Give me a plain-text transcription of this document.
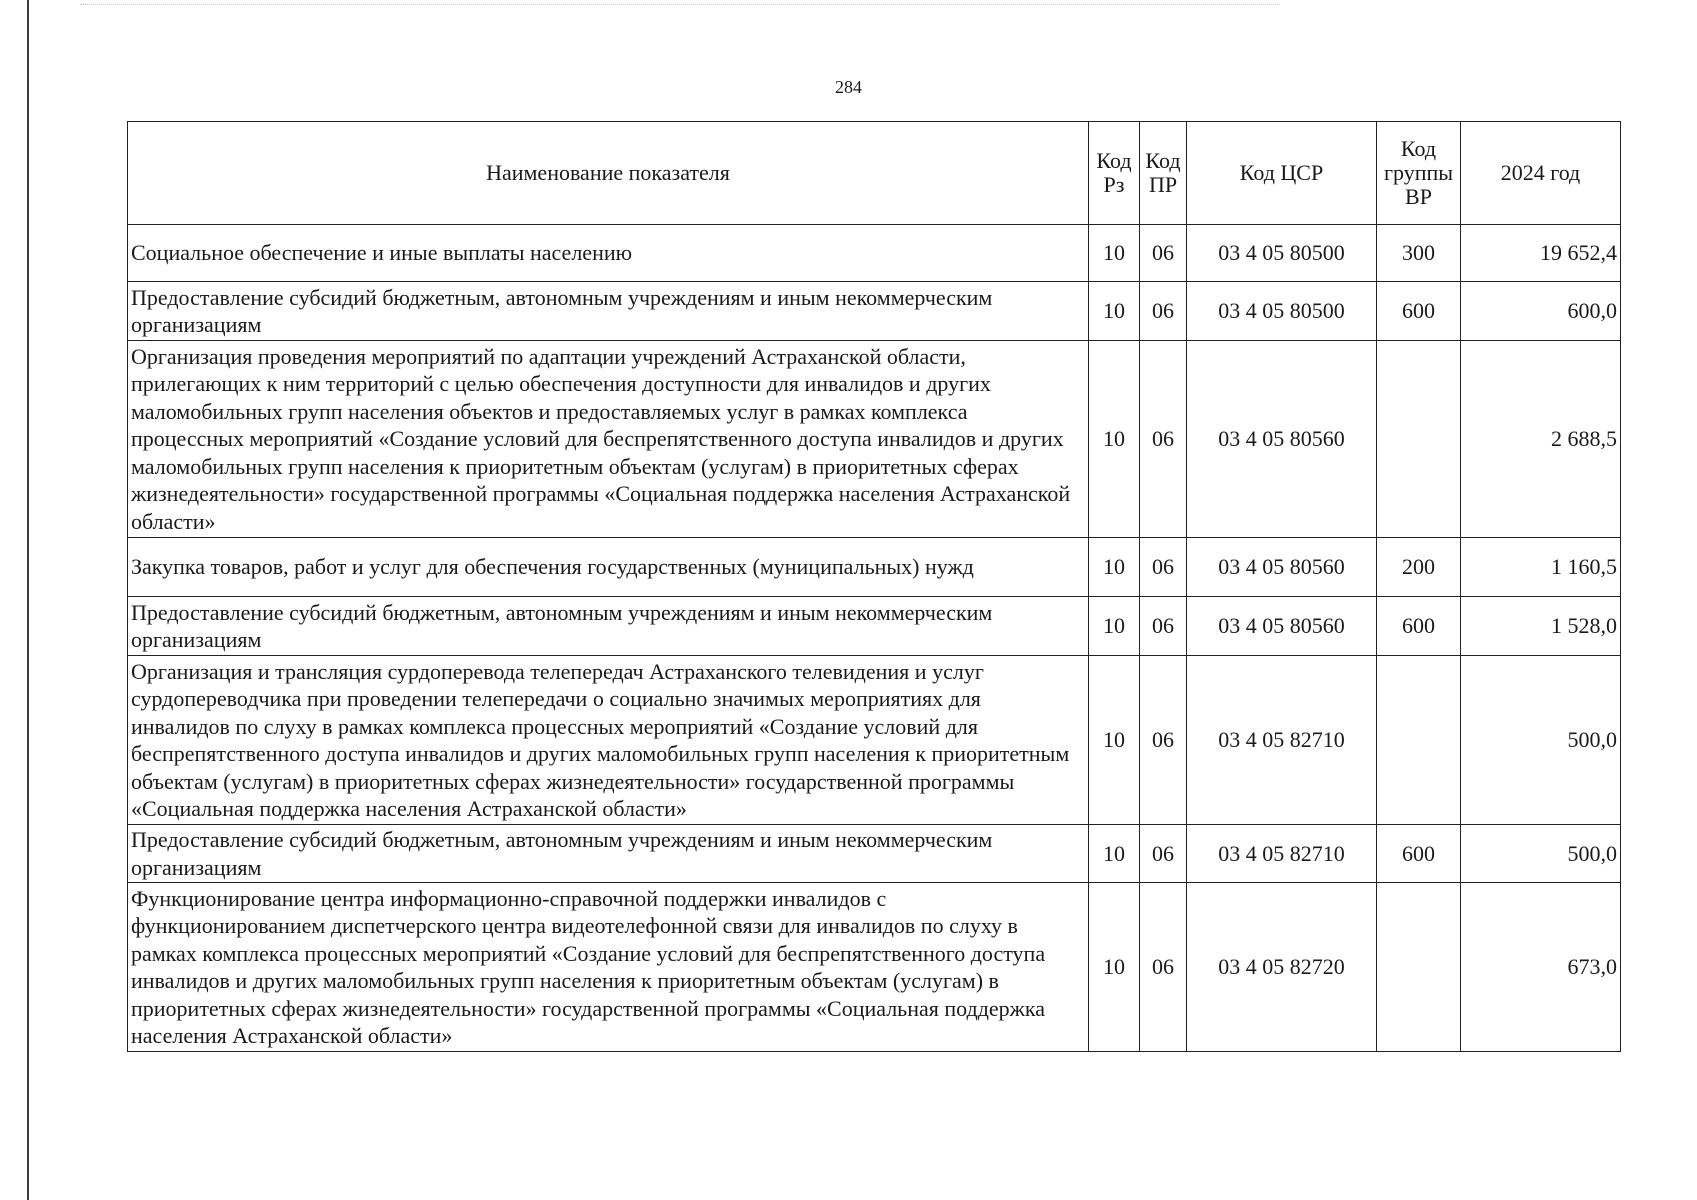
284
Наименование показателя	Код Рз	Код ПР	Код ЦСР	Код группы ВР	2024 год
Социальное обеспечение и иные выплаты населению	10	06	03 4 05 80500	300	19 652,4
Предоставление субсидий бюджетным, автономным учреждениям и иным некоммерческим организациям	10	06	03 4 05 80500	600	600,0
Организация проведения мероприятий по адаптации учреждений Астраханской области, прилегающих к ним территорий с целью обеспечения доступности для инвалидов и других маломобильных групп населения объектов и предоставляемых услуг в рамках комплекса процессных мероприятий «Создание условий для беспрепятственного доступа инвалидов и других маломобильных групп населения к приоритетным объектам (услугам) в приоритетных сферах жизнедеятельности» государственной программы «Социальная поддержка населения Астраханской области»	10	06	03 4 05 80560		2 688,5
Закупка товаров, работ и услуг для обеспечения государственных (муниципальных) нужд	10	06	03 4 05 80560	200	1 160,5
Предоставление субсидий бюджетным, автономным учреждениям и иным некоммерческим организациям	10	06	03 4 05 80560	600	1 528,0
Организация и трансляция сурдоперевода телепередач Астраханского телевидения и услуг сурдопереводчика при проведении телепередачи о социально значимых мероприятиях для инвалидов по слуху в рамках комплекса процессных мероприятий «Создание условий для беспрепятственного доступа инвалидов и других маломобильных групп населения к приоритетным объектам (услугам) в приоритетных сферах жизнедеятельности» государственной программы «Социальная поддержка населения Астраханской области»	10	06	03 4 05 82710		500,0
Предоставление субсидий бюджетным, автономным учреждениям и иным некоммерческим организациям	10	06	03 4 05 82710	600	500,0
Функционирование центра информационно-справочной поддержки инвалидов с функционированием диспетчерского центра видеотелефонной связи для инвалидов по слуху в рамках комплекса процессных мероприятий «Создание условий для беспрепятственного доступа инвалидов и других маломобильных групп населения к приоритетным объектам (услугам) в приоритетных сферах жизнедеятельности» государственной программы «Социальная поддержка населения Астраханской области»	10	06	03 4 05 82720		673,0
